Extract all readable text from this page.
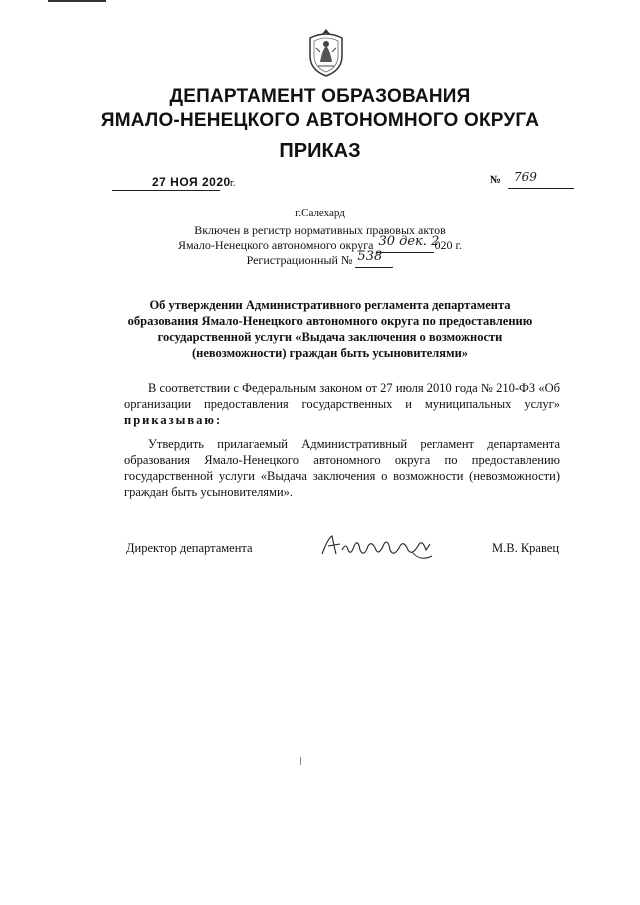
ДЕПАРТАМЕНТ ОБРАЗОВАНИЯ
ЯМАЛО-НЕНЕЦКОГО АВТОНОМНОГО ОКРУГА
ПРИКАЗ
27 НОЯ 2020 г.	№ 769
г.Салехард
Включен в регистр нормативных правовых актов
Ямало-Ненецкого автономного округа 30 дек. 2
020 г.
Регистрационный № 538
Об утверждении Административного регламента департамента
образования Ямало-Ненецкого автономного округа по предоставлению
государственной услуги «Выдача заключения о возможности
(невозможности) граждан быть усыновителями»
В соответствии с Федеральным законом от 27 июля 2010 года № 210-ФЗ «Об организации предоставления государственных и муниципальных услуг» приказываю:
Утвердить прилагаемый Административный регламент департамента образования Ямало-Ненецкого автономного округа по предоставлению государственной услуги «Выдача заключения о возможности (невозможности) граждан быть усыновителями».
Директор департамента	М.В. Кравец
